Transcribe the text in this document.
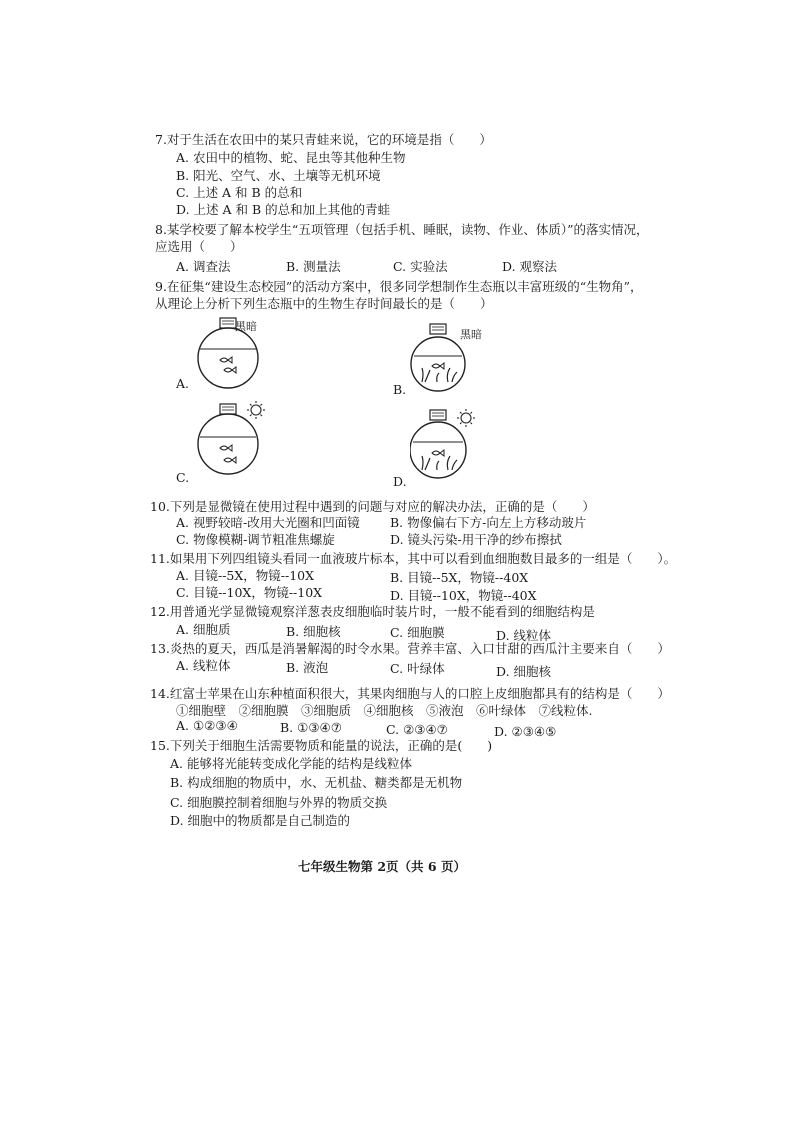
7.对于生活在农田中的某只青蛙来说，它的环境是指（　　）
A. 农田中的植物、蛇、昆虫等其他种生物
B. 阳光、空气、水、土壤等无机环境
C. 上述 A 和 B 的总和
D. 上述 A 和 B 的总和加上其他的青蛙
8.某学校要了解本校学生“五项管理（包括手机、睡眠，读物、作业、体质）”的落实情况，
应选用（　　）
A. 调查法	B. 测量法	C. 实验法	D. 观察法
9.在征集“建设生态校园”的活动方案中，很多同学想制作生态瓶以丰富班级的“生物角”，
从理论上分析下列生态瓶中的生物生存时间最长的是（　　）
黑暗
A.
黑暗
B.
C.	D.
10.下列是显微镜在使用过程中遇到的问题与对应的解决办法，正确的是（　　）
A. 视野较暗-改用大光圈和凹面镜 B. 物像偏右下方-向左上方移动玻片
C. 物像模糊-调节粗准焦螺旋	D. 镜头污染-用干净的纱布擦拭
11.如果用下列四组镜头看同一血液玻片标本，其中可以看到血细胞数目最多的一组是（　　）。
A. 目镜--5X，物镜--10X	B. 目镜--5X，物镜--40X
C. 目镜--10X，物镜--10X	D. 目镜--10X，物镜--40X
12.用普通光学显微镜观察洋葱表皮细胞临时装片时，一般不能看到的细胞结构是
A. 细胞质	B. 细胞核	C. 细胞膜	D. 线粒体
13.炎热的夏天，西瓜是消暑解渴的时令水果。营养丰富、入口甘甜的西瓜汁主要来自（　　）
A. 线粒体	B. 液泡	C. 叶绿体	D. 细胞核
14.红富士苹果在山东种植面积很大，其果肉细胞与人的口腔上皮细胞都具有的结构是（　　）
①细胞壁　②细胞膜　③细胞质　④细胞核　⑤液泡　⑥叶绿体　⑦线粒体.
A. ①②③④	B. ①③④⑦	C. ②③④⑦	D. ②③④⑤
15.下列关于细胞生活需要物质和能量的说法，正确的是(　　)
A. 能够将光能转变成化学能的结构是线粒体
B. 构成细胞的物质中，水、无机盐、糖类都是无机物
C. 细胞膜控制着细胞与外界的物质交换
D. 细胞中的物质都是自己制造的
七年级生物第 2页（共 6 页）
